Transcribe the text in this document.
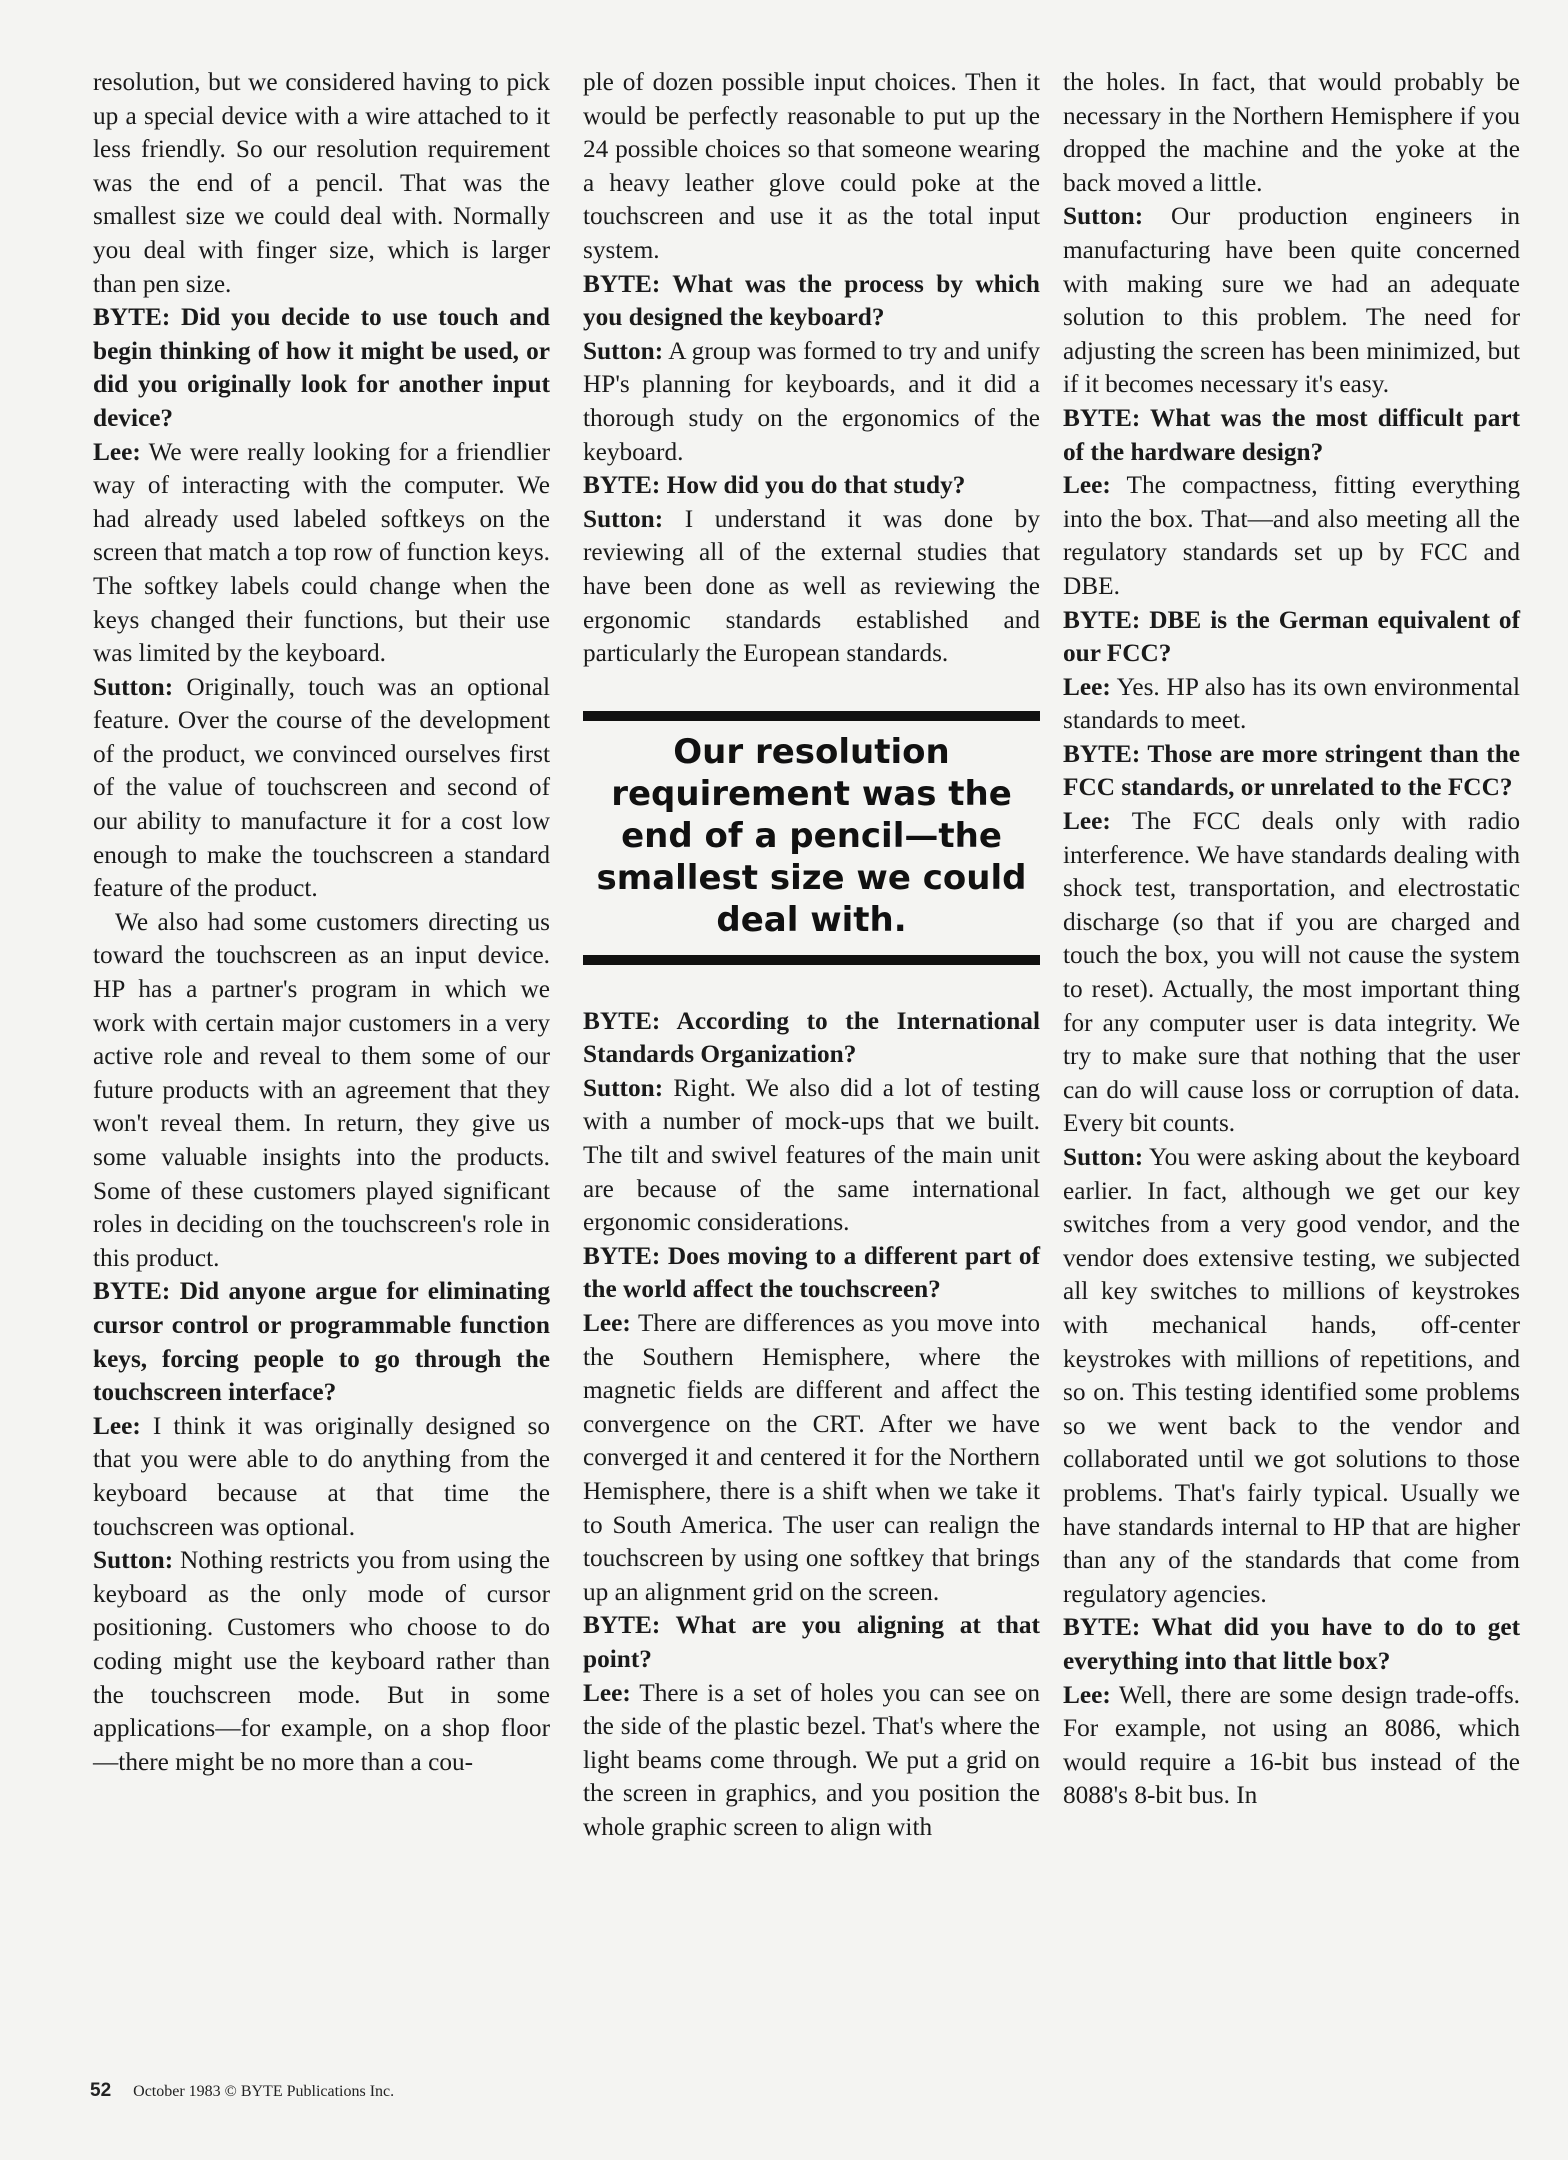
resolution, but we considered having to pick up a special device with a wire attached to it less friendly. So our resolution requirement was the end of a pencil. That was the smallest size we could deal with. Normally you deal with finger size, which is larger than pen size.

BYTE: Did you decide to use touch and begin thinking of how it might be used, or did you originally look for another input device?

Lee: We were really looking for a friendlier way of interacting with the computer. We had already used labeled softkeys on the screen that match a top row of function keys. The softkey labels could change when the keys changed their functions, but their use was limited by the keyboard.

Sutton: Originally, touch was an optional feature. Over the course of the development of the product, we convinced ourselves first of the value of touchscreen and second of our ability to manufacture it for a cost low enough to make the touchscreen a standard feature of the product.

We also had some customers directing us toward the touchscreen as an input device. HP has a partner's program in which we work with certain major customers in a very active role and reveal to them some of our future products with an agreement that they won't reveal them. In return, they give us some valuable insights into the products. Some of these customers played significant roles in deciding on the touchscreen's role in this product.

BYTE: Did anyone argue for eliminating cursor control or programmable function keys, forcing people to go through the touchscreen interface?

Lee: I think it was originally designed so that you were able to do anything from the keyboard because at that time the touchscreen was optional.

Sutton: Nothing restricts you from using the keyboard as the only mode of cursor positioning. Customers who choose to do coding might use the keyboard rather than the touchscreen mode. But in some applications—for example, on a shop floor—there might be no more than a cou-

ple of dozen possible input choices. Then it would be perfectly reasonable to put up the 24 possible choices so that someone wearing a heavy leather glove could poke at the touchscreen and use it as the total input system.

BYTE: What was the process by which you designed the keyboard?

Sutton: A group was formed to try and unify HP's planning for keyboards, and it did a thorough study on the ergonomics of the keyboard.

BYTE: How did you do that study?

Sutton: I understand it was done by reviewing all of the external studies that have been done as well as reviewing the ergonomic standards established and particularly the European standards.

Our resolution requirement was the end of a pencil—the smallest size we could deal with.

BYTE: According to the International Standards Organization?

Sutton: Right. We also did a lot of testing with a number of mock-ups that we built. The tilt and swivel features of the main unit are because of the same international ergonomic considerations.

BYTE: Does moving to a different part of the world affect the touchscreen?

Lee: There are differences as you move into the Southern Hemisphere, where the magnetic fields are different and affect the convergence on the CRT. After we have converged it and centered it for the Northern Hemisphere, there is a shift when we take it to South America. The user can realign the touchscreen by using one softkey that brings up an alignment grid on the screen.

BYTE: What are you aligning at that point?

Lee: There is a set of holes you can see on the side of the plastic bezel. That's where the light beams come through. We put a grid on the screen in graphics, and you position the whole graphic screen to align with

the holes. In fact, that would probably be necessary in the Northern Hemisphere if you dropped the machine and the yoke at the back moved a little.

Sutton: Our production engineers in manufacturing have been quite concerned with making sure we had an adequate solution to this problem. The need for adjusting the screen has been minimized, but if it becomes necessary it's easy.

BYTE: What was the most difficult part of the hardware design?

Lee: The compactness, fitting everything into the box. That—and also meeting all the regulatory standards set up by FCC and DBE.

BYTE: DBE is the German equivalent of our FCC?

Lee: Yes. HP also has its own environmental standards to meet.

BYTE: Those are more stringent than the FCC standards, or unrelated to the FCC?

Lee: The FCC deals only with radio interference. We have standards dealing with shock test, transportation, and electrostatic discharge (so that if you are charged and touch the box, you will not cause the system to reset). Actually, the most important thing for any computer user is data integrity. We try to make sure that nothing that the user can do will cause loss or corruption of data. Every bit counts.

Sutton: You were asking about the keyboard earlier. In fact, although we get our key switches from a very good vendor, and the vendor does extensive testing, we subjected all key switches to millions of keystrokes with mechanical hands, off-center keystrokes with millions of repetitions, and so on. This testing identified some problems so we went back to the vendor and collaborated until we got solutions to those problems. That's fairly typical. Usually we have standards internal to HP that are higher than any of the standards that come from regulatory agencies.

BYTE: What did you have to do to get everything into that little box?

Lee: Well, there are some design trade-offs. For example, not using an 8086, which would require a 16-bit bus instead of the 8088's 8-bit bus. In

52 October 1983 © BYTE Publications Inc.
